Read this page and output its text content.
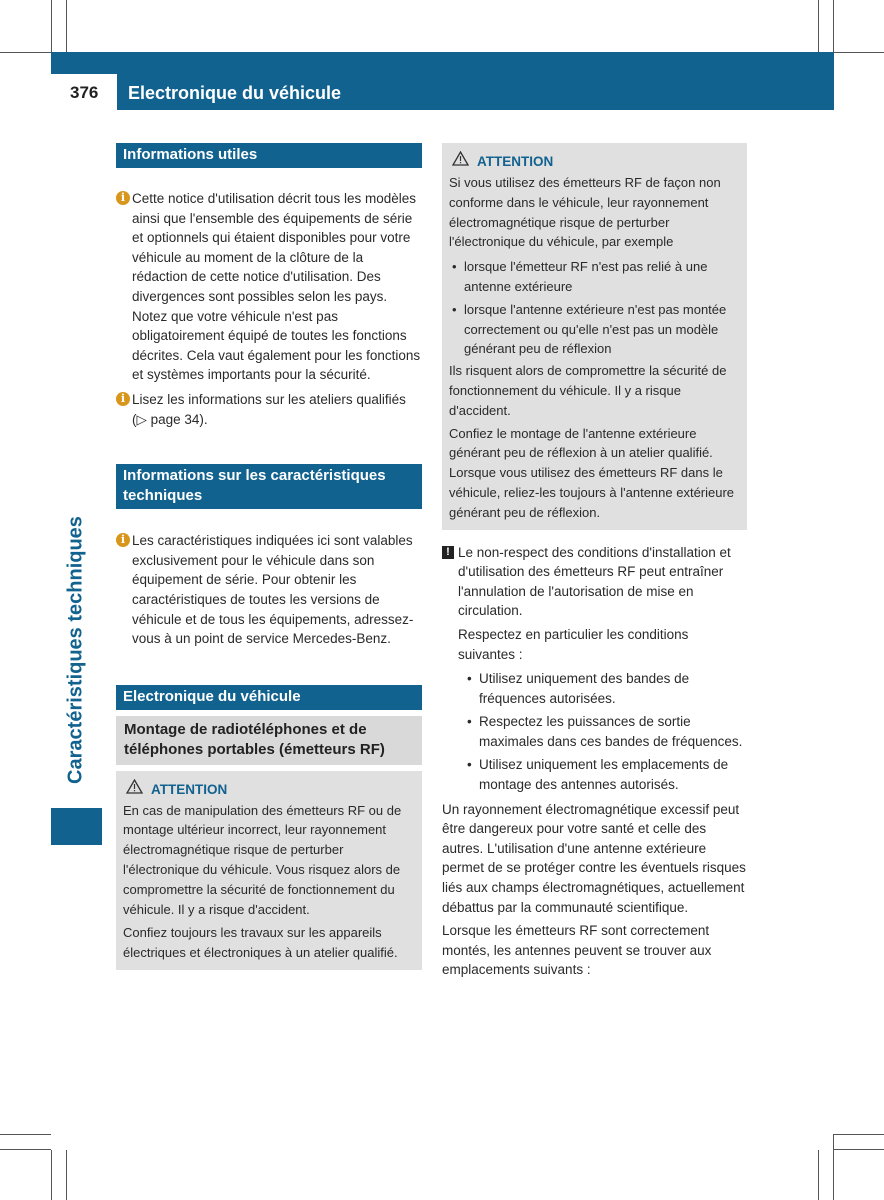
376 Electronique du véhicule
Caractéristiques techniques
Informations utiles

i Cette notice d'utilisation décrit tous les modèles ainsi que l'ensemble des équipements de série et optionnels qui étaient disponibles pour votre véhicule au moment de la clôture de la rédaction de cette notice d'utilisation. Des divergences sont possibles selon les pays. Notez que votre véhicule n'est pas obligatoirement équipé de toutes les fonctions décrites. Cela vaut également pour les fonctions et systèmes importants pour la sécurité.

i Lisez les informations sur les ateliers qualifiés (▷ page 34).

Informations sur les caractéristiques techniques

i Les caractéristiques indiquées ici sont valables exclusivement pour le véhicule dans son équipement de série. Pour obtenir les caractéristiques de toutes les versions de véhicule et de tous les équipements, adressez-vous à un point de service Mercedes-Benz.

Electronique du véhicule
Montage de radiotéléphones et de téléphones portables (émetteurs RF)
ATTENTION

En cas de manipulation des émetteurs RF ou de montage ultérieur incorrect, leur rayonnement électromagnétique risque de perturber l'électronique du véhicule. Vous risquez alors de compromettre la sécurité de fonctionnement du véhicule. Il y a risque d'accident.

Confiez toujours les travaux sur les appareils électriques et électroniques à un atelier qualifié.

ATTENTION

Si vous utilisez des émetteurs RF de façon non conforme dans le véhicule, leur rayonnement électromagnétique risque de perturber l'électronique du véhicule, par exemple

• lorsque l'émetteur RF n'est pas relié à une antenne extérieure

• lorsque l'antenne extérieure n'est pas montée correctement ou qu'elle n'est pas un modèle générant peu de réflexion

Ils risquent alors de compromettre la sécurité de fonctionnement du véhicule. Il y a risque d'accident.

Confiez le montage de l'antenne extérieure générant peu de réflexion à un atelier qualifié. Lorsque vous utilisez des émetteurs RF dans le véhicule, reliez-les toujours à l'antenne extérieure générant peu de réflexion.

! Le non-respect des conditions d'installation et d'utilisation des émetteurs RF peut entraîner l'annulation de l'autorisation de mise en circulation.

Respectez en particulier les conditions suivantes :

• Utilisez uniquement des bandes de fréquences autorisées.

• Respectez les puissances de sortie maximales dans ces bandes de fréquences.

• Utilisez uniquement les emplacements de montage des antennes autorisés.

Un rayonnement électromagnétique excessif peut être dangereux pour votre santé et celle des autres. L'utilisation d'une antenne extérieure permet de se protéger contre les éventuels risques liés aux champs électromagnétiques, actuellement débattus par la communauté scientifique.

Lorsque les émetteurs RF sont correctement montés, les antennes peuvent se trouver aux emplacements suivants :
